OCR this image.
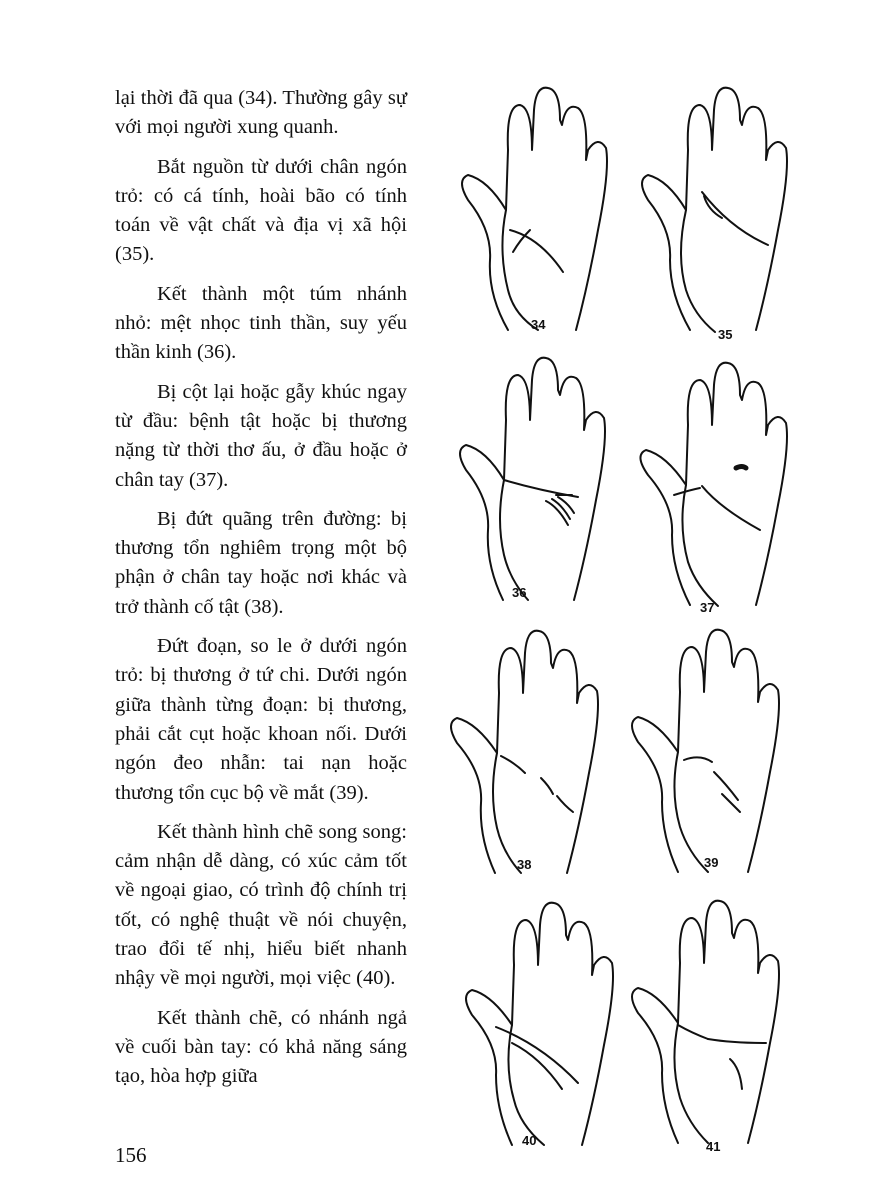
lại thời đã qua (34). Thường gây sự với mọi người xung quanh.

Bắt nguồn từ dưới chân ngón trỏ: có cá tính, hoài bão có tính toán về vật chất và địa vị xã hội (35).

Kết thành một túm nhánh nhỏ: mệt nhọc tinh thần, suy yếu thần kinh (36).

Bị cột lại hoặc gẫy khúc ngay từ đầu: bệnh tật hoặc bị thương nặng từ thời thơ ấu, ở đầu hoặc ở chân tay (37).

Bị đứt quãng trên đường: bị thương tổn nghiêm trọng một bộ phận ở chân tay hoặc nơi khác và trở thành cố tật (38).

Đứt đoạn, so le ở dưới ngón trỏ: bị thương ở tứ chi. Dưới ngón giữa thành từng đoạn: bị thương, phải cắt cụt hoặc khoan nối. Dưới ngón đeo nhẫn: tai nạn hoặc thương tổn cục bộ về mắt (39).

Kết thành hình chẽ song song: cảm nhận dễ dàng, có xúc cảm tốt về ngoại giao, có trình độ chính trị tốt, có nghệ thuật về nói chuyện, trao đổi tế nhị, hiểu biết nhanh nhậy về mọi người, mọi việc (40).

Kết thành chẽ, có nhánh ngả về cuối bàn tay: có khả năng sáng tạo, hòa hợp giữa

156
34
35
36
37
38	39
40	41
